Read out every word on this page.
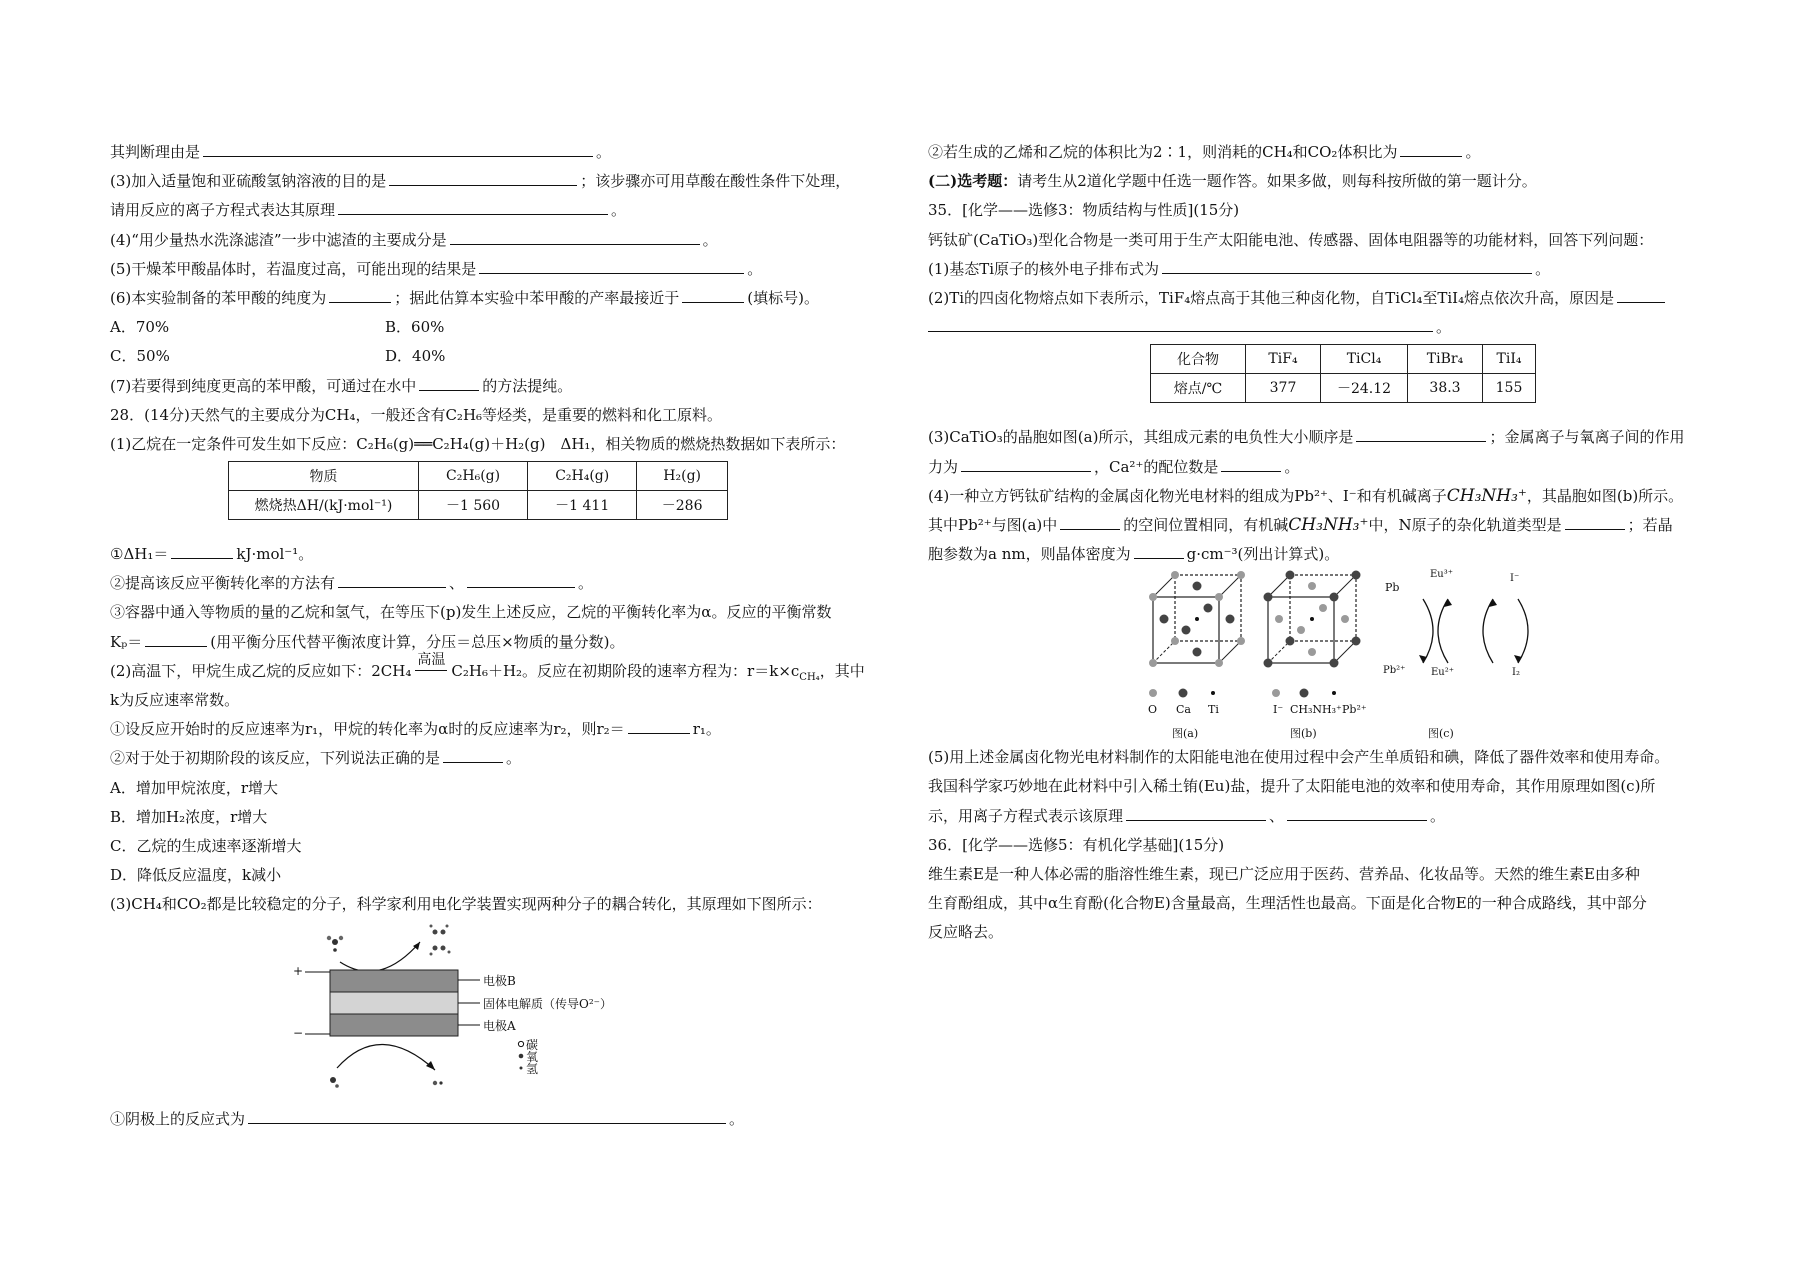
其判断理由是	。
(3)加入适量饱和亚硫酸氢钠溶液的目的是	；该步骤亦可用草酸在酸性条件下处理，
请用反应的离子方程式表达其原理	。
(4)“用少量热水洗涤滤渣”一步中滤渣的主要成分是	。
(5)干燥苯甲酸晶体时，若温度过高，可能出现的结果是	。
(6)本实验制备的苯甲酸的纯度为	；据此估算本实验中苯甲酸的产率最接近于	(填标号)。
A．70%	B．60%
C．50%	D．40%
(7)若要得到纯度更高的苯甲酸，可通过在水中	的方法提纯。
28．(14分)天然气的主要成分为CH₄，一般还含有C₂H₆等烃类，是重要的燃料和化工原料。
(1)乙烷在一定条件可发生如下反应：C₂H₆(g)══C₂H₄(g)＋H₂(g)　ΔH₁，相关物质的燃烧热数据如下表所示：
物质	C₂H₆(g)	C₂H₄(g)	H₂(g)
燃烧热ΔH/(kJ·mol⁻¹)	－1 560	－1 411	－286
①ΔH₁＝	kJ·mol⁻¹。
②提高该反应平衡转化率的方法有	、	。
③容器中通入等物质的量的乙烷和氢气，在等压下(p)发生上述反应，乙烷的平衡转化率为α。反应的平衡常数
Kₚ＝	(用平衡分压代替平衡浓度计算，分压＝总压×物质的量分数)。
(2)高温下，甲烷生成乙烷的反应如下：2CH₄
高温
C₂H₆＋H₂。反应在初期阶段的速率方程为：$r=k\times c_{CH_4}$，其中
k为反应速率常数。
①设反应开始时的反应速率为r₁，甲烷的转化率为α时的反应速率为r₂，则r₂＝	r₁。
②对于处于初期阶段的该反应，下列说法正确的是	。
A．增加甲烷浓度，r增大
B．增加H₂浓度，r增大
C．乙烷的生成速率逐渐增大
D．降低反应温度，k减小
(3)CH₄和CO₂都是比较稳定的分子，科学家利用电化学装置实现两种分子的耦合转化，其原理如下图所示：
+
−
电极B
固体电解质（传导O²⁻）
电极A
碳
氧
氢
①阴极上的反应式为	。
②若生成的乙烯和乙烷的体积比为2∶1，则消耗的CH₄和CO₂体积比为	。
(二)选考题：请考生从2道化学题中任选一题作答。如果多做，则每科按所做的第一题计分。
35．[化学——选修3：物质结构与性质](15分)
钙钛矿(CaTiO₃)型化合物是一类可用于生产太阳能电池、传感器、固体电阻器等的功能材料，回答下列问题：
(1)基态Ti原子的核外电子排布式为	。
(2)Ti的四卤化物熔点如下表所示，TiF₄熔点高于其他三种卤化物，自TiCl₄至TiI₄熔点依次升高，原因是
。
化合物	TiF₄	TiCl₄	TiBr₄	TiI₄
熔点/℃	377	－24.12	38.3	155
(3)CaTiO₃的晶胞如图(a)所示，其组成元素的电负性大小顺序是	；金属离子与氧离子间的作用
力为	，Ca²⁺的配位数是	。
(4)一种立方钙钛矿结构的金属卤化物光电材料的组成为Pb²⁺、I⁻和有机碱离子CH₃NH₃⁺，其晶胞如图(b)所示。
其中Pb²⁺与图(a)中	的空间位置相同，有机碱CH₃NH₃⁺中，N原子的杂化轨道类型是	；若晶
胞参数为a nm，则晶体密度为	g·cm⁻³(列出计算式)。
O Ca Ti
图(a)
I⁻ CH₃NH₃⁺ Pb²⁺
图(b)
Pb
Eu³⁺	I⁻
Pb²⁺	Eu²⁺	I₂
图(c)
(5)用上述金属卤化物光电材料制作的太阳能电池在使用过程中会产生单质铅和碘，降低了器件效率和使用寿命。
我国科学家巧妙地在此材料中引入稀土铕(Eu)盐，提升了太阳能电池的效率和使用寿命，其作用原理如图(c)所
示，用离子方程式表示该原理	、	。
36．[化学——选修5：有机化学基础](15分)
维生素E是一种人体必需的脂溶性维生素，现已广泛应用于医药、营养品、化妆品等。天然的维生素E由多种
生育酚组成，其中α生育酚(化合物E)含量最高，生理活性也最高。下面是化合物E的一种合成路线，其中部分
反应略去。
